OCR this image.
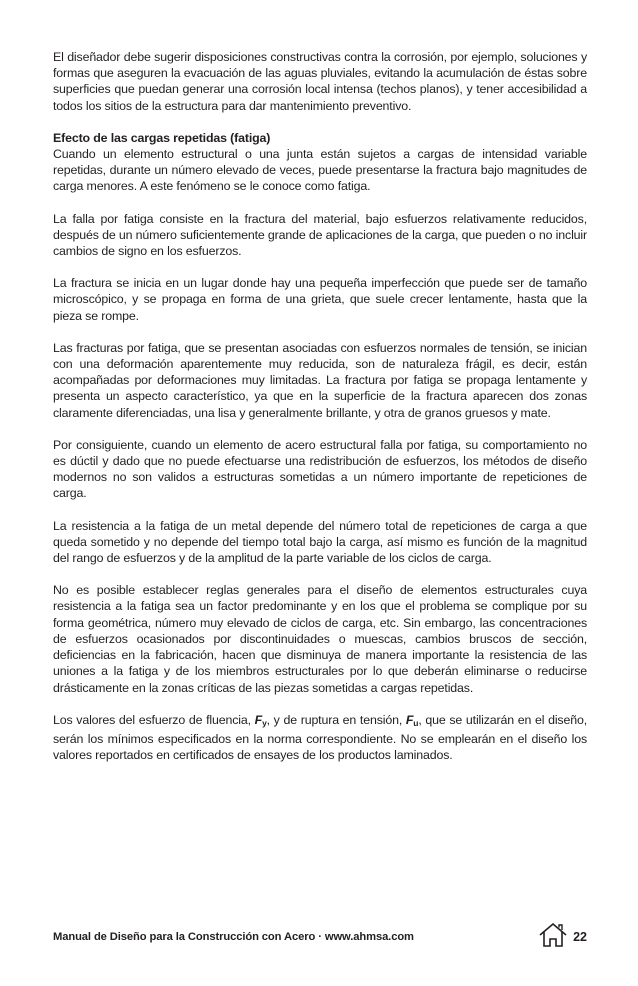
El diseñador debe sugerir disposiciones constructivas contra la corrosión, por ejemplo, soluciones y formas que aseguren la evacuación de las aguas pluviales, evitando la acumulación de éstas sobre superficies que puedan generar una corrosión local intensa (techos planos), y tener accesibilidad a todos los sitios de la estructura para dar mantenimiento preventivo.

Efecto de las cargas repetidas (fatiga)

Cuando un elemento estructural o una junta están sujetos a cargas de intensidad variable repetidas, durante un número elevado de veces, puede presentarse la fractura bajo magnitudes de carga menores. A este fenómeno se le conoce como fatiga.

La falla por fatiga consiste en la fractura del material, bajo esfuerzos relativamente reducidos, después de un número suficientemente grande de aplicaciones de la carga, que pueden o no incluir cambios de signo en los esfuerzos.

La fractura se inicia en un lugar donde hay una pequeña imperfección que puede ser de tamaño microscópico, y se propaga en forma de una grieta, que suele crecer lentamente, hasta que la pieza se rompe.

Las fracturas por fatiga, que se presentan asociadas con esfuerzos normales de tensión, se inician con una deformación aparentemente muy reducida, son de naturaleza frágil, es decir, están acompañadas por deformaciones muy limitadas. La fractura por fatiga se propaga lentamente y presenta un aspecto característico, ya que en la superficie de la fractura aparecen dos zonas claramente diferenciadas, una lisa y generalmente brillante, y otra de granos gruesos y mate.

Por consiguiente, cuando un elemento de acero estructural falla por fatiga, su comportamiento no es dúctil y dado que no puede efectuarse una redistribución de esfuerzos, los métodos de diseño modernos no son validos a estructuras sometidas a un número importante de repeticiones de carga.

La resistencia a la fatiga de un metal depende del número total de repeticiones de carga a que queda sometido y no depende del tiempo total bajo la carga, así mismo es función de la magnitud del rango de esfuerzos y de la amplitud de la parte variable de los ciclos de carga.

No es posible establecer reglas generales para el diseño de elementos estructurales cuya resistencia a la fatiga sea un factor predominante y en los que el problema se complique por su forma geométrica, número muy elevado de ciclos de carga, etc. Sin embargo, las concentraciones de esfuerzos ocasionados por discontinuidades o muescas, cambios bruscos de sección, deficiencias en la fabricación, hacen que disminuya de manera importante la resistencia de las uniones a la fatiga y de los miembros estructurales por lo que deberán eliminarse o reducirse drásticamente en la zonas críticas de las piezas sometidas a cargas repetidas.

Los valores del esfuerzo de fluencia, $F_y$, y de ruptura en tensión, $F_u$, que se utilizarán en el diseño, serán los mínimos especificados en la norma correspondiente. No se emplearán en el diseño los valores reportados en certificados de ensayes de los productos laminados.

Manual de Diseño para la Construcción con Acero · www.ahmsa.com	22
